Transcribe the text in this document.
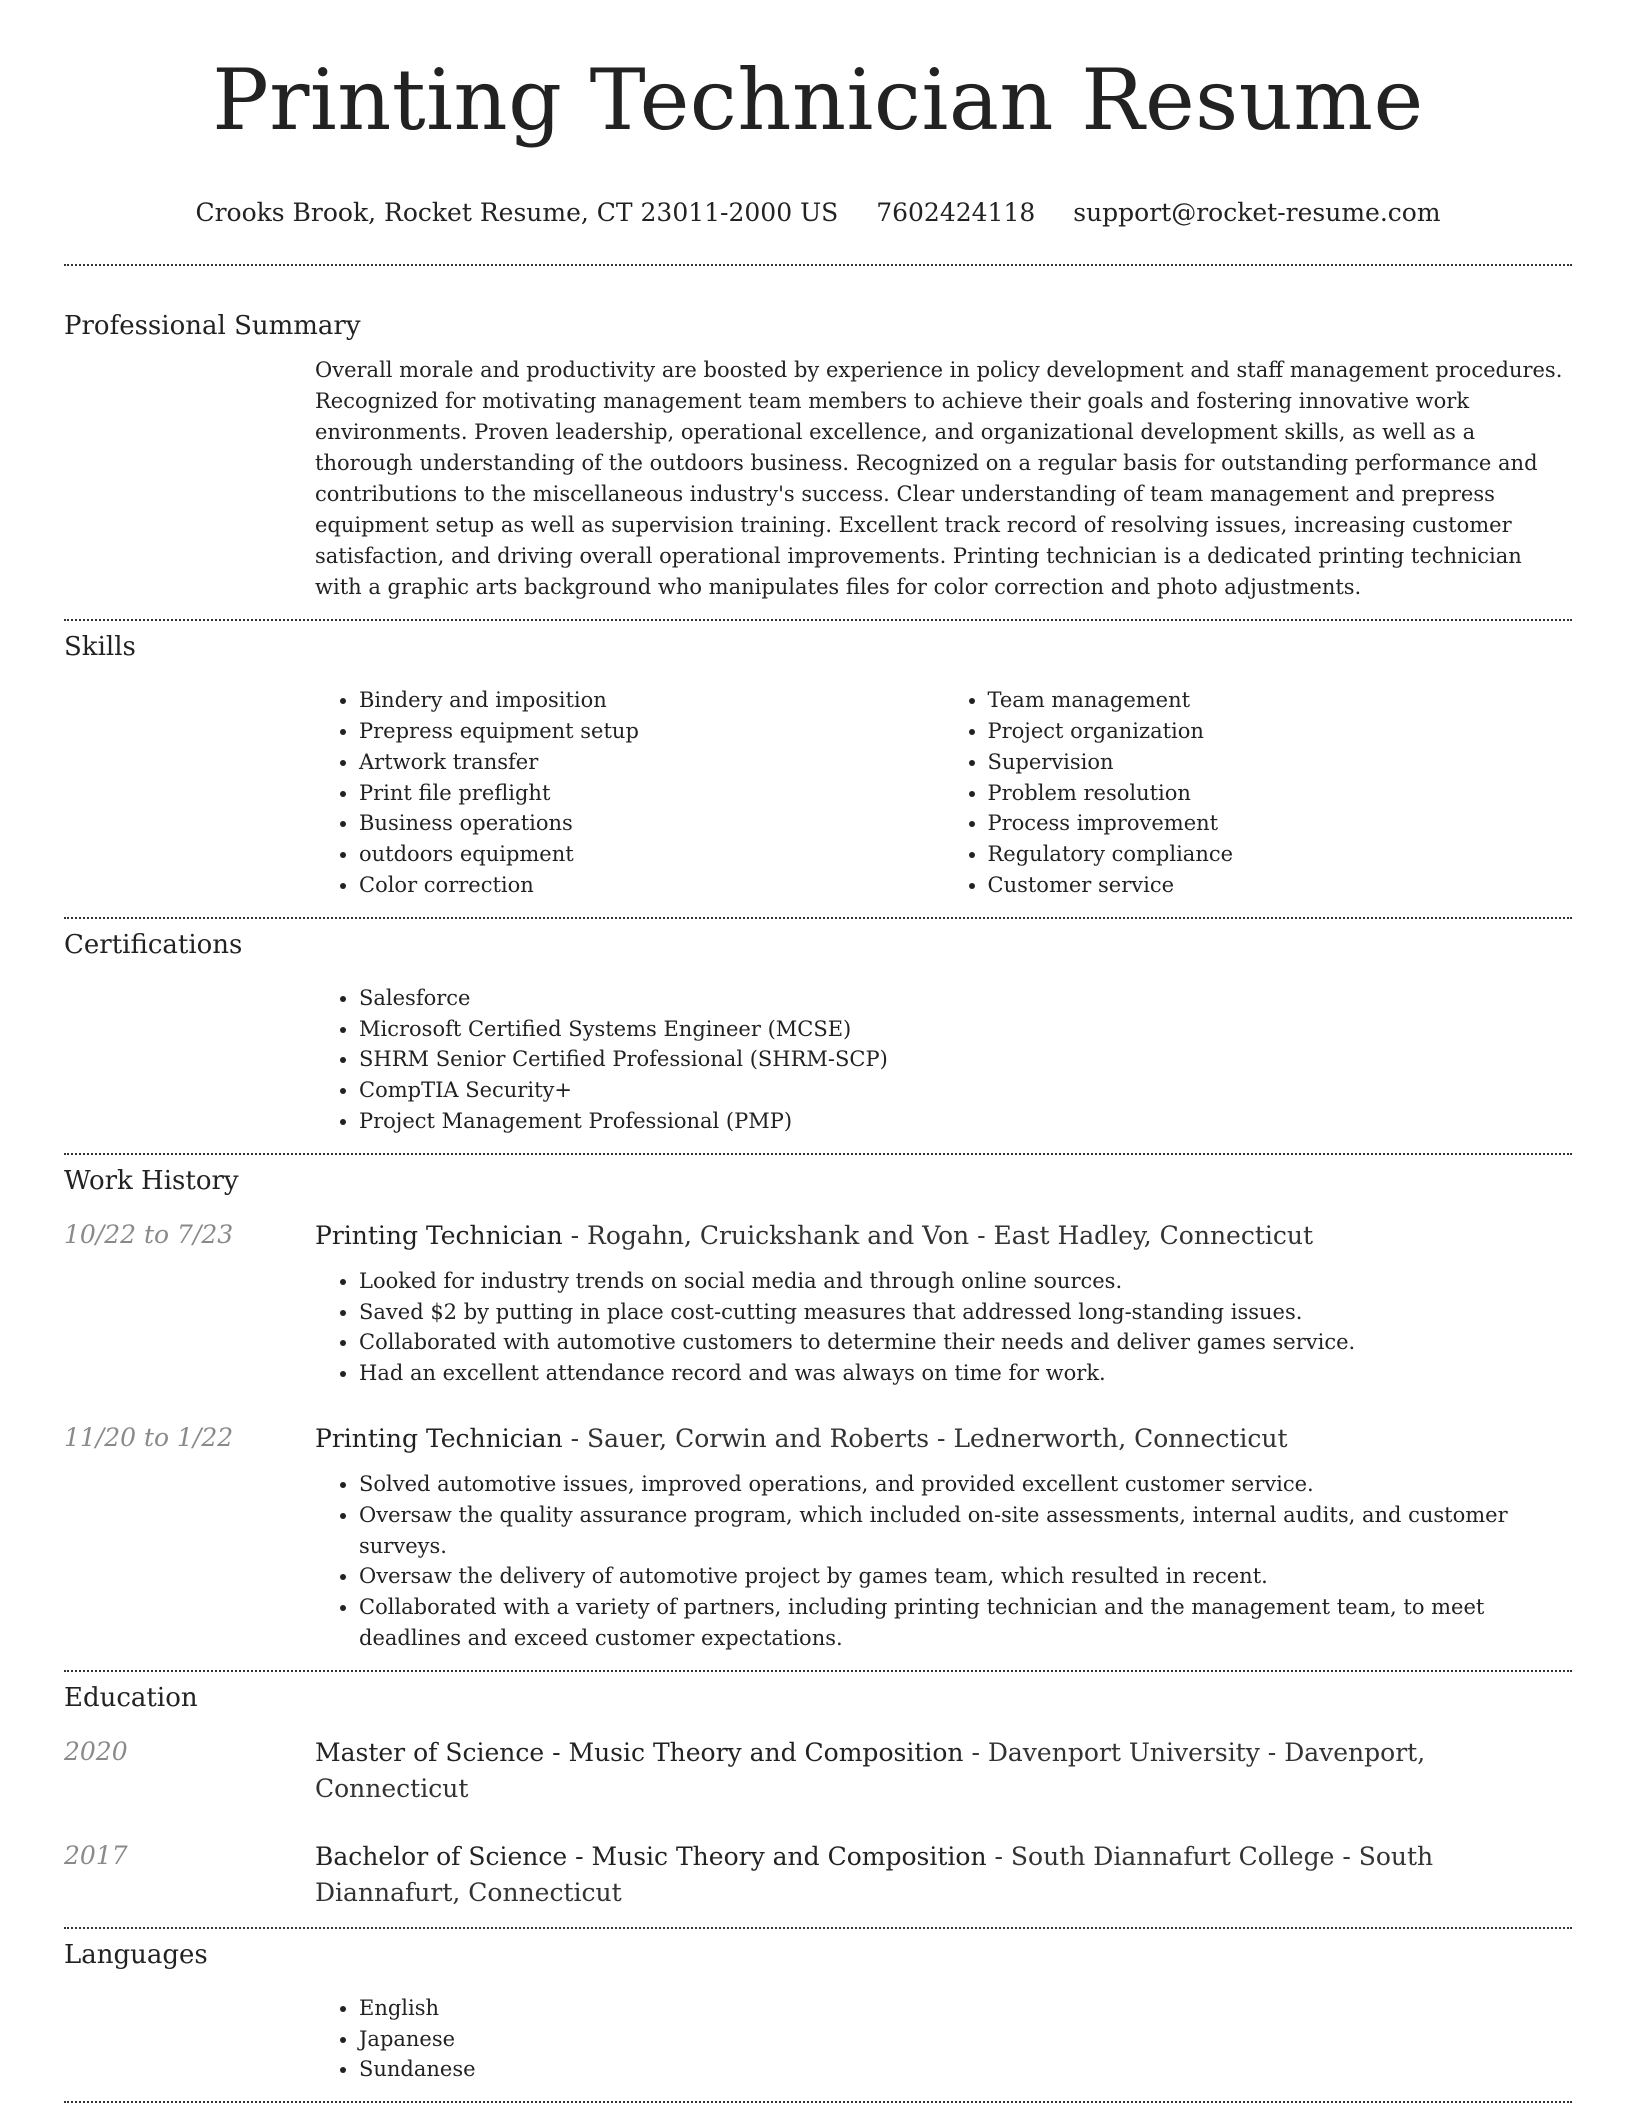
Printing Technician Resume
Crooks Brook, Rocket Resume, CT 23011-2000 US 7602424118 support@rocket-resume.com
Professional Summary

Overall morale and productivity are boosted by experience in policy development and staff management procedures. Recognized for motivating management team members to achieve their goals and fostering innovative work environments. Proven leadership, operational excellence, and organizational development skills, as well as a thorough understanding of the outdoors business. Recognized on a regular basis for outstanding performance and contributions to the miscellaneous industry's success. Clear understanding of team management and prepress equipment setup as well as supervision training. Excellent track record of resolving issues, increasing customer satisfaction, and driving overall operational improvements. Printing technician is a dedicated printing technician with a graphic arts background who manipulates files for color correction and photo adjustments.

Skills
• Bindery and imposition
• Prepress equipment setup
• Artwork transfer
• Print file preflight
• Business operations
• outdoors equipment
• Color correction
• Team management
• Project organization
• Supervision
• Problem resolution
• Process improvement
• Regulatory compliance
• Customer service
Certifications
• Salesforce
• Microsoft Certified Systems Engineer (MCSE)
• SHRM Senior Certified Professional (SHRM-SCP)
• CompTIA Security+
• Project Management Professional (PMP)
Work History
10/22 to 7/23	Printing Technician - Rogahn, Cruickshank and Von - East Hadley, Connecticut
• Looked for industry trends on social media and through online sources.
• Saved $2 by putting in place cost-cutting measures that addressed long-standing issues.
• Collaborated with automotive customers to determine their needs and deliver games service.
• Had an excellent attendance record and was always on time for work.
11/20 to 1/22	Printing Technician - Sauer, Corwin and Roberts - Lednerworth, Connecticut
• Solved automotive issues, improved operations, and provided excellent customer service.
• Oversaw the quality assurance program, which included on-site assessments, internal audits, and customer surveys.
• Oversaw the delivery of automotive project by games team, which resulted in recent.
• Collaborated with a variety of partners, including printing technician and the management team, to meet deadlines and exceed customer expectations.
Education
2020	Master of Science - Music Theory and Composition - Davenport University - Davenport, Connecticut
2017	Bachelor of Science - Music Theory and Composition - South Diannafurt College - South Diannafurt, Connecticut
Languages
• English
• Japanese
• Sundanese
